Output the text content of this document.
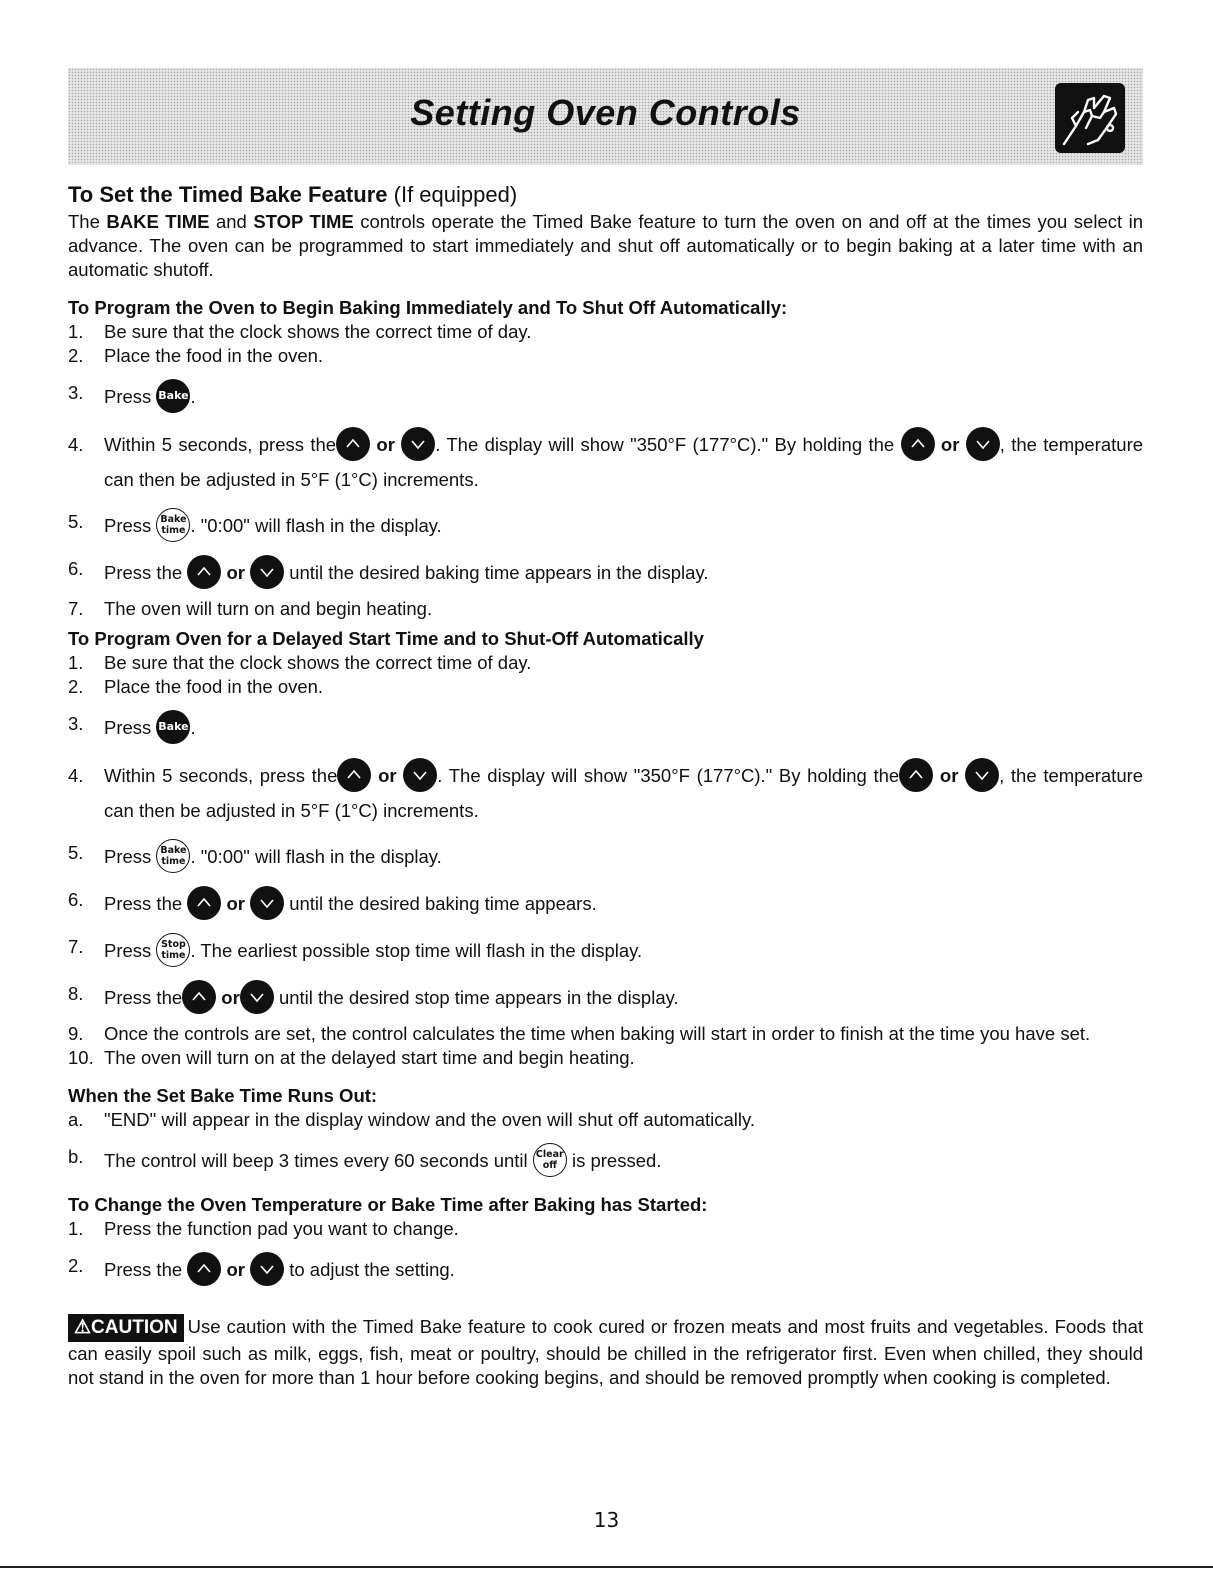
Setting Oven Controls
To Set the Timed Bake Feature (If equipped)

The BAKE TIME and STOP TIME controls operate the Timed Bake feature to turn the oven on and off at the times you select in advance. The oven can be programmed to start immediately and shut off automatically or to begin baking at a later time with an automatic shutoff.

To Program the Oven to Begin Baking Immediately and To Shut Off Automatically:
1. Be sure that the clock shows the correct time of day.
2. Place the food in the oven.
3. Press Bake .
4. Within 5 seconds, press the or . The display will show "350°F (177°C)." By holding the	or , the temperature can then be adjusted in 5°F (1°C) increments.
5. Press Bake
time . "0:00" will flash in the display.
6. Press the or until the desired baking time appears in the display.
7. The oven will turn on and begin heating.
To Program Oven for a Delayed Start Time and to Shut-Off Automatically
1. Be sure that the clock shows the correct time of day.
2. Place the food in the oven.
3. Press Bake .
4. Within 5 seconds, press the or . The display will show "350°F (177°C)." By holding the or , the temperature can then be adjusted in 5°F (1°C) increments.
5. Press Bake
time . "0:00" will flash in the display.
6. Press the or until the desired baking time appears.
7. Press Stop
time . The earliest possible stop time will flash in the display.
8. Press the or until the desired stop time appears in the display.
9. Once the controls are set, the control calculates the time when baking will start in order to finish at the time you have set.
10. The oven will turn on at the delayed start time and begin heating.
When the Set Bake Time Runs Out:
a. "END" will appear in the display window and the oven will shut off automatically.
b. The control will beep 3 times every 60 seconds until Clear
off is pressed.
To Change the Oven Temperature or Bake Time after Baking has Started:
1. Press the function pad you want to change.
2. Press the or to adjust the setting.

⚠CAUTION Use caution with the Timed Bake feature to cook cured or frozen meats and most fruits and vegetables. Foods that can easily spoil such as milk, eggs, fish, meat or poultry, should be chilled in the refrigerator first. Even when chilled, they should not stand in the oven for more than 1 hour before cooking begins, and should be removed promptly when cooking is completed.

13
